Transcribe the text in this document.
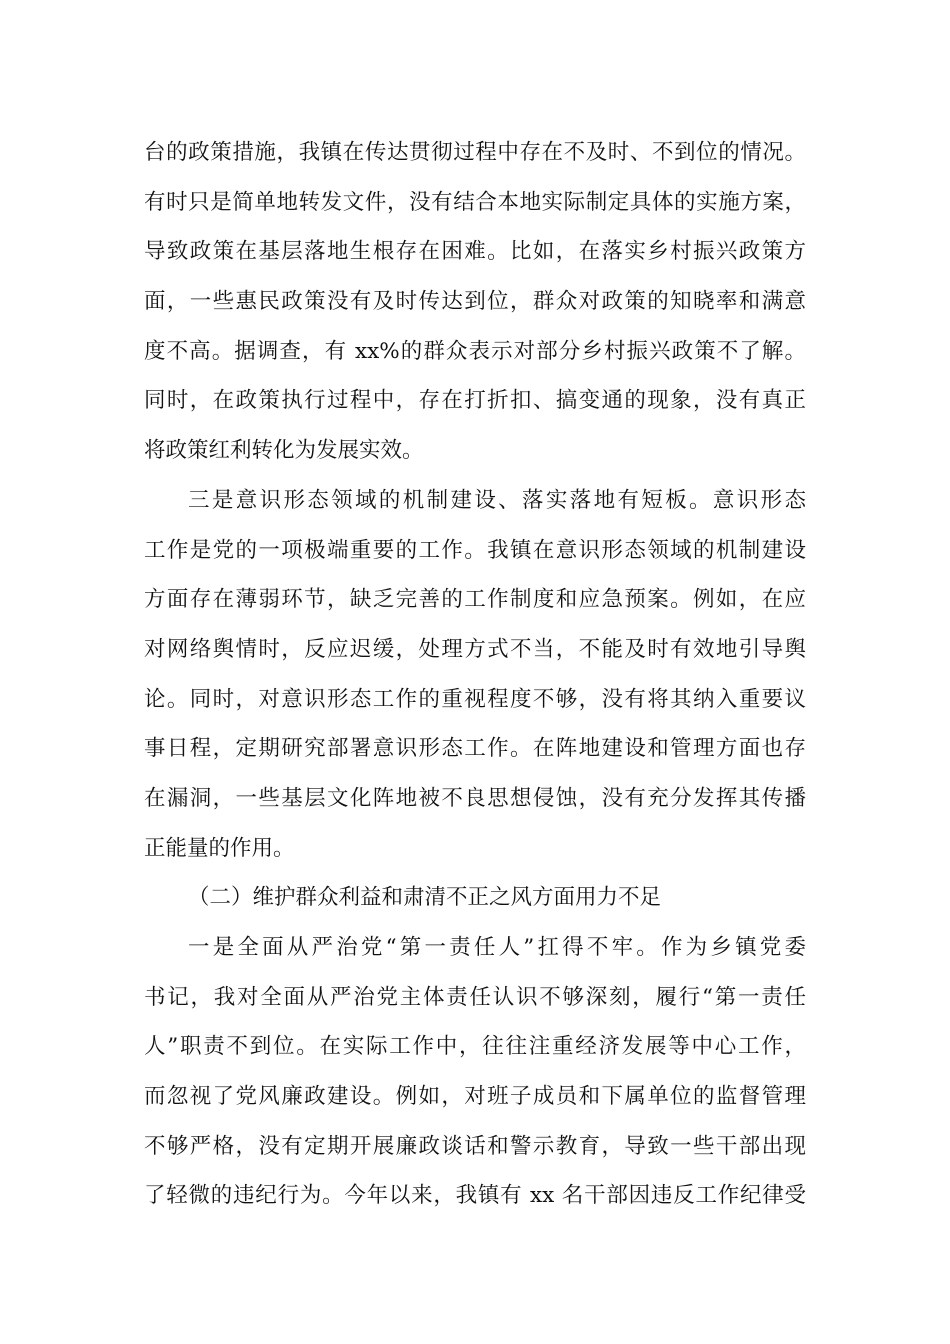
台的政策措施，我镇在传达贯彻过程中存在不及时、不到位的情况。
有时只是简单地转发文件，没有结合本地实际制定具体的实施方案，
导致政策在基层落地生根存在困难。比如，在落实乡村振兴政策方
面，一些惠民政策没有及时传达到位，群众对政策的知晓率和满意
度不高。据调查，有 xx%的群众表示对部分乡村振兴政策不了解。
同时，在政策执行过程中，存在打折扣、搞变通的现象，没有真正
将政策红利转化为发展实效。
三是意识形态领域的机制建设、落实落地有短板。意识形态
工作是党的一项极端重要的工作。我镇在意识形态领域的机制建设
方面存在薄弱环节，缺乏完善的工作制度和应急预案。例如，在应
对网络舆情时，反应迟缓，处理方式不当，不能及时有效地引导舆
论。同时，对意识形态工作的重视程度不够，没有将其纳入重要议
事日程，定期研究部署意识形态工作。在阵地建设和管理方面也存
在漏洞，一些基层文化阵地被不良思想侵蚀，没有充分发挥其传播
正能量的作用。
（二）维护群众利益和肃清不正之风方面用力不足
一是全面从严治党“第一责任人”扛得不牢。作为乡镇党委
书记，我对全面从严治党主体责任认识不够深刻，履行“第一责任
人”职责不到位。在实际工作中，往往注重经济发展等中心工作，
而忽视了党风廉政建设。例如，对班子成员和下属单位的监督管理
不够严格，没有定期开展廉政谈话和警示教育，导致一些干部出现
了轻微的违纪行为。今年以来，我镇有 xx 名干部因违反工作纪律受
